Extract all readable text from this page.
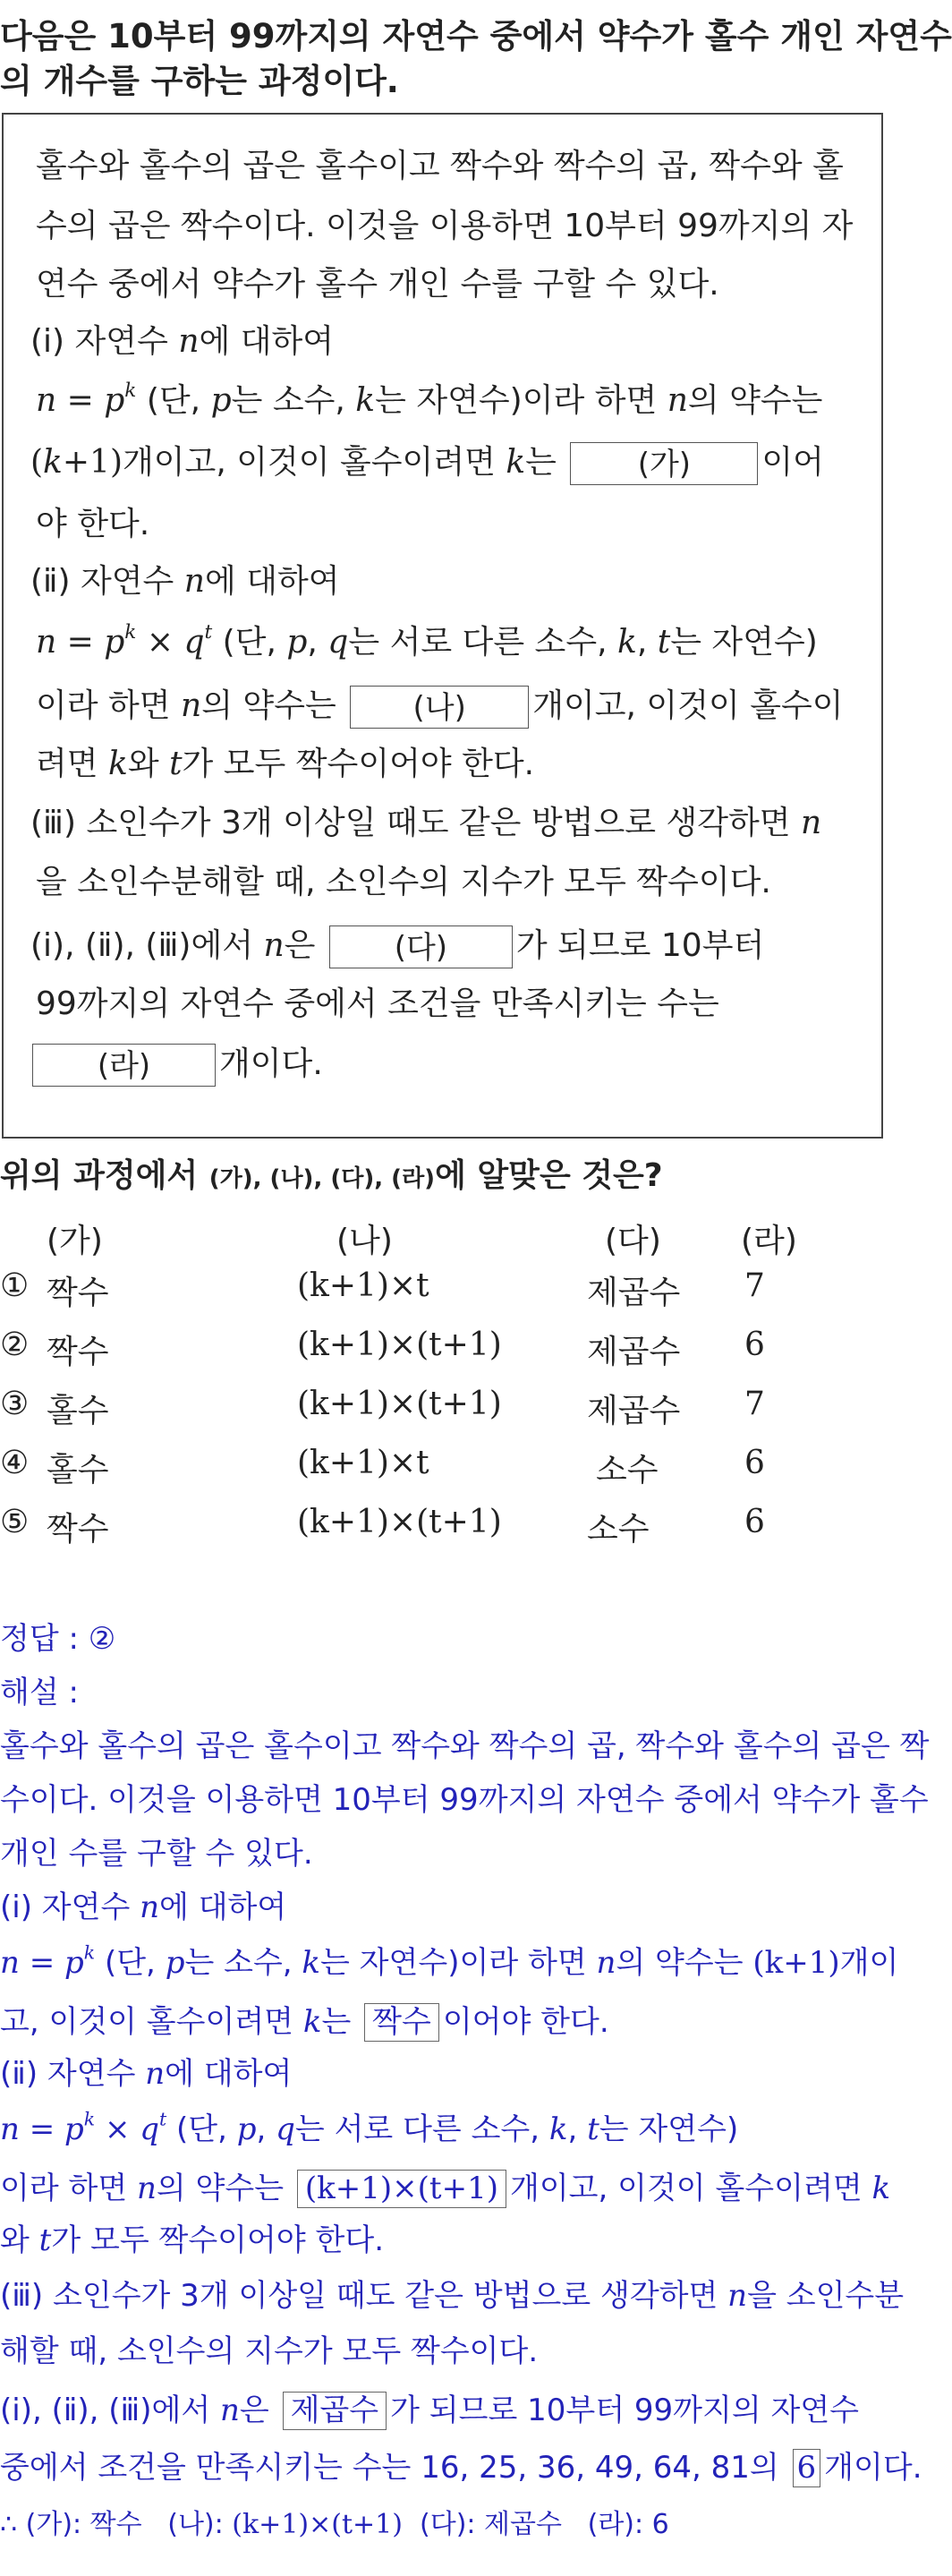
다음은 10부터 99까지의 자연수 중에서 약수가 홀수 개인 자연수
의 개수를 구하는 과정이다.
홀수와 홀수의 곱은 홀수이고 짝수와 짝수의 곱, 짝수와 홀
수의 곱은 짝수이다. 이것을 이용하면 10부터 99까지의 자
연수 중에서 약수가 홀수 개인 수를 구할 수 있다.
(ⅰ) 자연수 n에 대하여
$n = p^k$ (단, p는 소수, k는 자연수)이라 하면 n의 약수는
(k+1)개이고, 이것이 홀수이려면 k는	(가) 이어
야 한다.
(ⅱ) 자연수 n에 대하여
$n = p^k \times q^t$ (단, p, q는 서로 다른 소수, k, t는 자연수)
이라 하면 n의 약수는	(나) 개이고, 이것이 홀수이
려면 k와 t가 모두 짝수이어야 한다.
(ⅲ) 소인수가 3개 이상일 때도 같은 방법으로 생각하면 n
을 소인수분해할 때, 소인수의 지수가 모두 짝수이다.
(ⅰ), (ⅱ), (ⅲ)에서 n은	(다) 가 되므로 10부터
99까지의 자연수 중에서 조건을 만족시키는 수는
(라) 개이다.
위의 과정에서 (가), (나), (다), (라)에 알맞은 것은?
(가)	(나)	(다) (라)
① 짝수	(k+1)×t	제곱수 7
② 짝수	(k+1)×(t+1)	제곱수 6
③ 홀수	(k+1)×(t+1)	제곱수 7
④ 홀수	(k+1)×t	소수	6
⑤ 짝수	(k+1)×(t+1)	소수	6
정답 : ②
해설 :
홀수와 홀수의 곱은 홀수이고 짝수와 짝수의 곱, 짝수와 홀수의 곱은 짝
수이다. 이것을 이용하면 10부터 99까지의 자연수 중에서 약수가 홀수
개인 수를 구할 수 있다.
(ⅰ) 자연수 n에 대하여
$n = p^k$ (단, p는 소수, k는 자연수)이라 하면 n의 약수는 (k+1)개이
고, 이것이 홀수이려면 k는 짝수 이어야 한다.
(ⅱ) 자연수 n에 대하여
$n = p^k \times q^t$ (단, p, q는 서로 다른 소수, k, t는 자연수)
이라 하면 n의 약수는 (k+1)×(t+1) 개이고, 이것이 홀수이려면 k
와 t가 모두 짝수이어야 한다.
(ⅲ) 소인수가 3개 이상일 때도 같은 방법으로 생각하면 n을 소인수분
해할 때, 소인수의 지수가 모두 짝수이다.
(ⅰ), (ⅱ), (ⅲ)에서 n은 제곱수 가 되므로 10부터 99까지의 자연수
중에서 조건을 만족시키는 수는 16, 25, 36, 49, 64, 81의 6 개이다.
∴ (가): 짝수 (나): (k+1)×(t+1) (다): 제곱수 (라): 6
